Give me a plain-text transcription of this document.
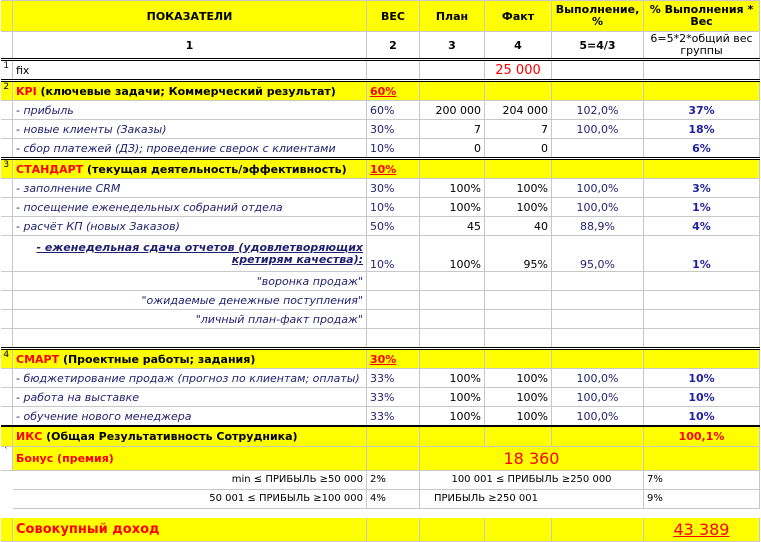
	ПОКАЗАТЕЛИ	ВЕС	План	Факт	Выполнение, %	% Выполнения * Вес
	1	2	3	4	5=4/3	6=5*2*общий вес группы
1	fix			25 000		
2	KPI (ключевые задачи; Коммерческий результат)	60%				
	- прибыль	60%	200 000	204 000	102,0%	37%
	- новые клиенты (Заказы)	30%	7	7	100,0%	18%
	- сбор платежей (ДЗ); проведение сверок с клиентами	10%	0	0		6%
3	СТАНДАРТ (текущая деятельность/эффективность)	10%				
	- заполнение CRM	30%	100%	100%	100,0%	3%
	- посещение еженедельных собраний отдела	10%	100%	100%	100,0%	1%
	- расчёт КП (новых Заказов)	50%	45	40	88,9%	4%
	- еженедельная сдача отчетов (удовлетворяющих
кретирям качества):	10%	100%	95%	95,0%	1%
	"воронка продаж"					
	"ожидаемые денежные поступления"					
	"личный план-факт продаж"					

4	СМАРТ (Проектные работы; задания)	30%				
	- бюджетирование продаж (прогноз по клиентам; оплаты)	33%	100%	100%	100,0%	10%
	- работа на выставке	33%	100%	100%	100,0%	10%
	- обучение нового менеджера	33%	100%	100%	100,0%	10%
	ИКС (Общая Результативность Сотрудника)					100,1%
`	Бонус (премия)		18 360			
	min ≤ ПРИБЫЛЬ ≥50 000	2%	100 001 ≤ ПРИБЫЛЬ ≥250 000			7%
	50 001 ≤ ПРИБЫЛЬ ≥100 000	4%	ПРИБЫЛЬ ≥250 001			9%

	Совокупный доход					43 389
